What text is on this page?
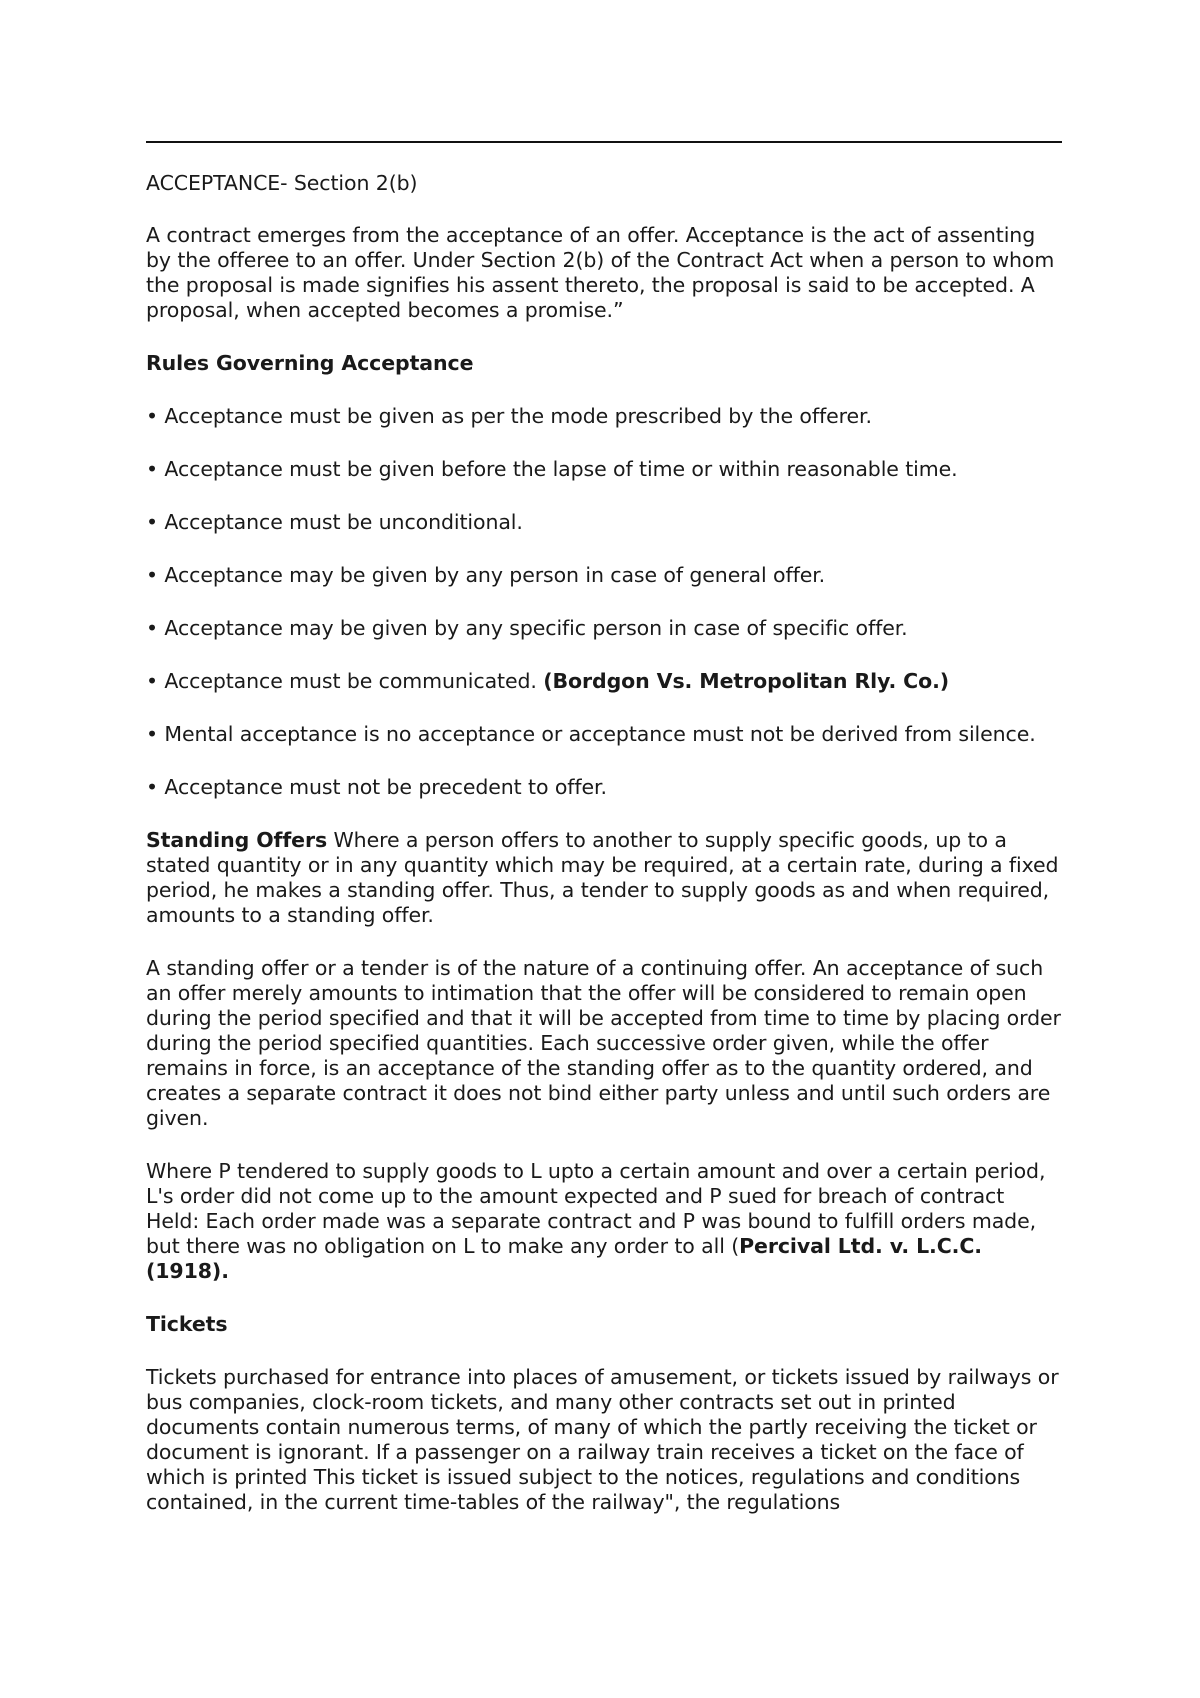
ACCEPTANCE- Section 2(b)

A contract emerges from the acceptance of an offer. Acceptance is the act of assenting by the offeree to an offer. Under Section 2(b) of the Contract Act when a person to whom the proposal is made signifies his assent thereto, the proposal is said to be accepted. A proposal, when accepted becomes a promise.”

Rules Governing Acceptance
• Acceptance must be given as per the mode prescribed by the offerer.
• Acceptance must be given before the lapse of time or within reasonable time.
• Acceptance must be unconditional.
• Acceptance may be given by any person in case of general offer.
• Acceptance may be given by any specific person in case of specific offer.
• Acceptance must be communicated. (Bordgon Vs. Metropolitan Rly. Co.)
• Mental acceptance is no acceptance or acceptance must not be derived from silence.
• Acceptance must not be precedent to offer.

Standing Offers Where a person offers to another to supply specific goods, up to a stated quantity or in any quantity which may be required, at a certain rate, during a fixed period, he makes a standing offer. Thus, a tender to supply goods as and when required, amounts to a standing offer.

A standing offer or a tender is of the nature of a continuing offer. An acceptance of such an offer merely amounts to intimation that the offer will be considered to remain open during the period specified and that it will be accepted from time to time by placing order during the period specified quantities. Each successive order given, while the offer remains in force, is an acceptance of the standing offer as to the quantity ordered, and creates a separate contract it does not bind either party unless and until such orders are given.

Where P tendered to supply goods to L upto a certain amount and over a certain period, L's order did not come up to the amount expected and P sued for breach of contract Held: Each order made was a separate contract and P was bound to fulfill orders made, but there was no obligation on L to make any order to all (Percival Ltd. v. L.C.C. (1918).

Tickets

Tickets purchased for entrance into places of amusement, or tickets issued by railways or bus companies, clock-room tickets, and many other contracts set out in printed documents contain numerous terms, of many of which the partly receiving the ticket or document is ignorant. If a passenger on a railway train receives a ticket on the face of which is printed This ticket is issued subject to the notices, regulations and conditions contained, in the current time-tables of the railway", the regulations
